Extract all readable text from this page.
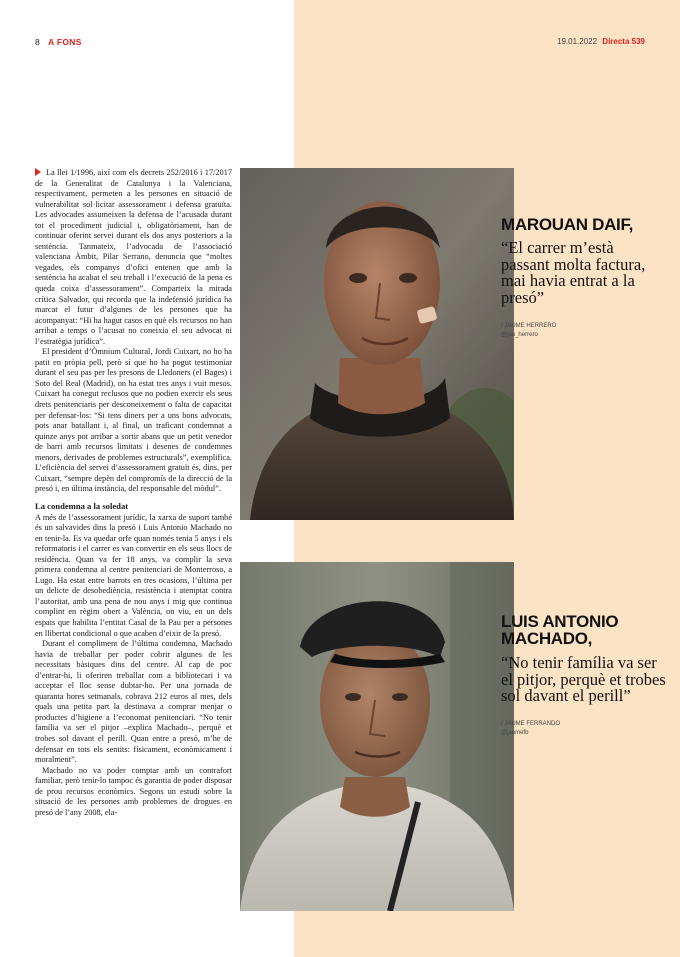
8 A FONS	19.01.2022 Directa 539

La llei 1/1996, així com els decrets 252/2016 i 17/2017 de la Generalitat de Catalunya i la Valenciana, respectivament, permeten a les persones en situació de vulnerabilitat sol·licitar assessorament i defensa gratuïta. Les advocades assumeixen la defensa de l’acusada durant tot el procediment judicial i, obligatòriament, han de continuar oferint servei durant els dos anys posteriors a la sentència. Tanmateix, l’advocada de l’associació valenciana Àmbit, Pilar Serrano, denuncia que “moltes vegades, els companys d’ofici entenen que amb la sentència ha acabat el seu treball i l’execució de la pena es queda coixa d’assessorament”. Comparteix la mirada crítica Salvador, qui recorda que la indefensió jurídica ha marcat el futur d’algunes de les persones que ha acompanyat: “Hi ha hagut casos en què els recursos no han arribat a temps o l’acusat no coneixia el seu advocat ni l’estratègia jurídica”.

El president d’Òmnium Cultural, Jordi Cuixart, no ho ha patit en pròpia pell, però sí que ho ha pogut testimoniar durant el seu pas per les presons de Lledoners (el Bages) i Soto del Real (Madrid), on ha estat tres anys i vuit mesos. Cuixart ha conegut reclusos que no podien exercir els seus drets penitenciaris per desconeixement o falta de capacitat per defensar-los: “Si tens diners per a uns bons advocats, pots anar batallant i, al final, un traficant condemnat a quinze anys pot arribar a sortir abans que un petit venedor de barri amb recursos limitats i desenes de condemnes menors, derivades de problemes estructurals”, exemplifica. L’eficiència del servei d’assessorament gratuït és, dins, per Cuixart, “sempre depèn del compromís de la direcció de la presó i, en última instància, del responsable del mòdul”.

La condemna a la soledat

A més de l’assessorament jurídic, la xarxa de suport també és un salvavides dins la presó i Luis Antonio Machado no en tenir-la. Es va quedar orfe quan només tenia 5 anys i els reformatoris i el carrer es van convertir en els seus llocs de residència. Quan va fer 18 anys, va complir la seva primera condemna al centre penitenciari de Monterroso, a Lugo. Ha estat entre barrots en tres ocasions, l’última per un delicte de desobediència, resistència i atemptat contra l’autoritat, amb una pena de nou anys i mig que continua complint en règim obert a València, on viu, en un dels espais que habilita l’entitat Casal de la Pau per a persones en llibertat condicional o que acaben d’eixir de la presó.

Durant el compliment de l’última condemna, Machado havia de treballar per poder cobrir algunes de les necessitats bàsiques dins del centre. Al cap de poc d’entrar-hi, li oferiren treballar com a bibliotecari i va acceptar el lloc sense dubtar-ho. Per una jornada de quaranta hores setmanals, cobrava 212 euros al mes, dels quals una petita part la destinava a comprar menjar o productes d’higiene a l’economat penitenciari. “No tenir família va ser el pitjor –explica Machado–, perquè et trobes sol davant el perill. Quan entre a presó, m’he de defensar en tots els sentits: físicament, econòmicament i moralment”.

Machado no va poder comptar amb un contrafort familiar, però tenir-lo tampoc és garantia de poder disposar de prou recursos econòmics. Segons un estudi sobre la situació de les persones amb problemes de drogues en presó de l’any 2008, ela-

MAROUAN DAIF,
“El carrer m’està passant molta factura, mai havia entrat a la presó”
/ JAUME HERRERO
@jau_herrero
LUIS ANTONIO MACHADO,
“No tenir família va ser el pitjor, perquè et trobes sol davant el perill”
/ JAUME FERRANDO
@jaumefb
